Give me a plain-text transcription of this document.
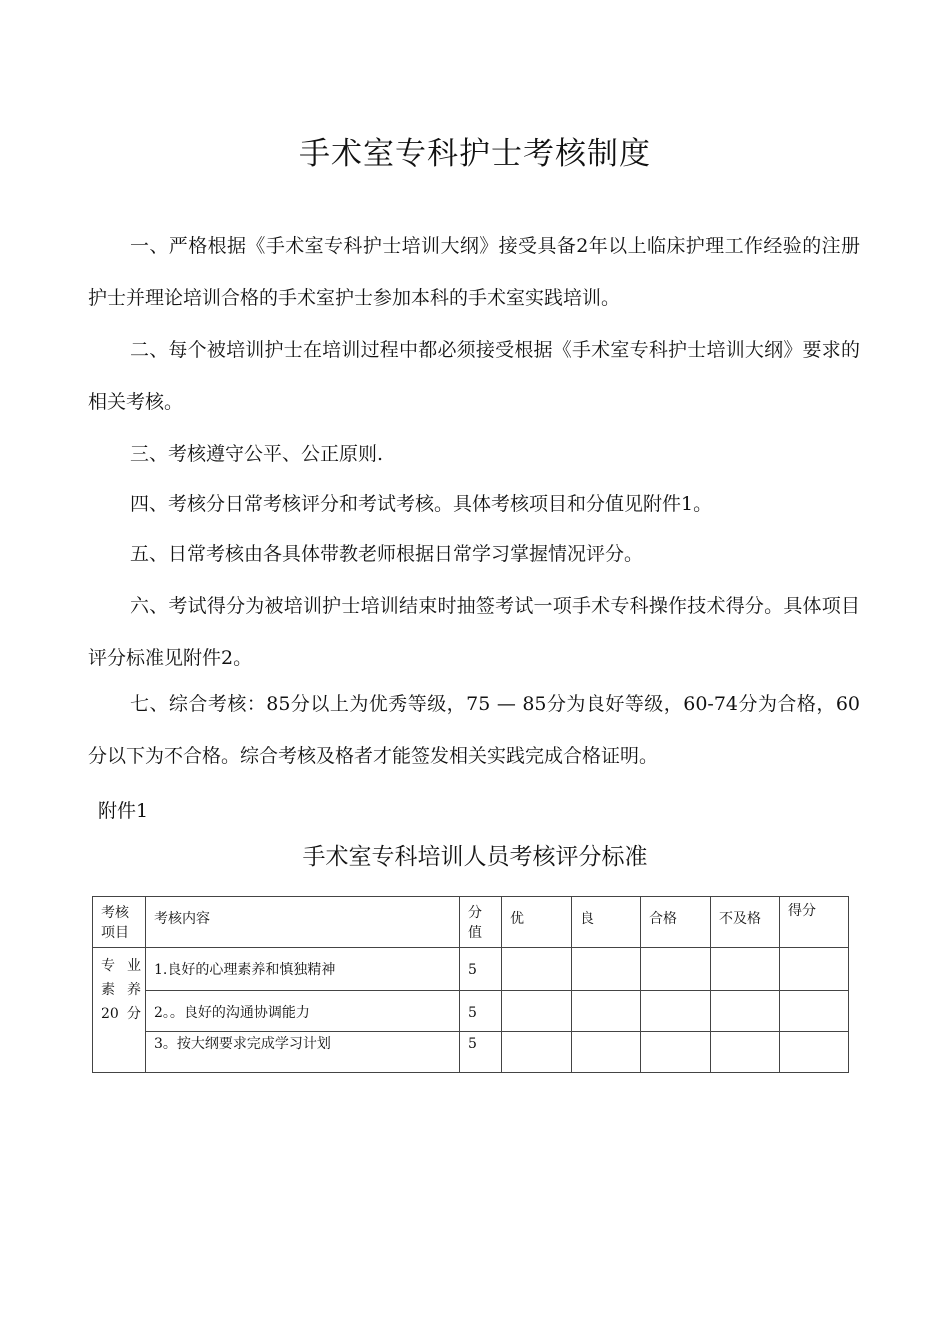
手术室专科护士考核制度
一、严格根据《手术室专科护士培训大纲》接受具备2年以上临床护理工作经验的注册护士并理论培训合格的手术室护士参加本科的手术室实践培训。
二、每个被培训护士在培训过程中都必须接受根据《手术室专科护士培训大纲》要求的相关考核。
三、考核遵守公平、公正原则.
四、考核分日常考核评分和考试考核。具体考核项目和分值见附件1。
五、日常考核由各具体带教老师根据日常学习掌握情况评分。
六、考试得分为被培训护士培训结束时抽签考试一项手术专科操作技术得分。具体项目评分标准见附件2。
七、综合考核：85分以上为优秀等级，75 — 85分为良好等级，60-74分为合格，60分以下为不合格。综合考核及格者才能签发相关实践完成合格证明。
附件1
手术室专科培训人员考核评分标准
考核项目	考核内容	分值	优	良	合格	不及格	得分

专业素养20分	1.良好的心理素养和慎独精神	5					

	2。。良好的沟通协调能力	5					

	3。按大纲要求完成学习计划	5					
